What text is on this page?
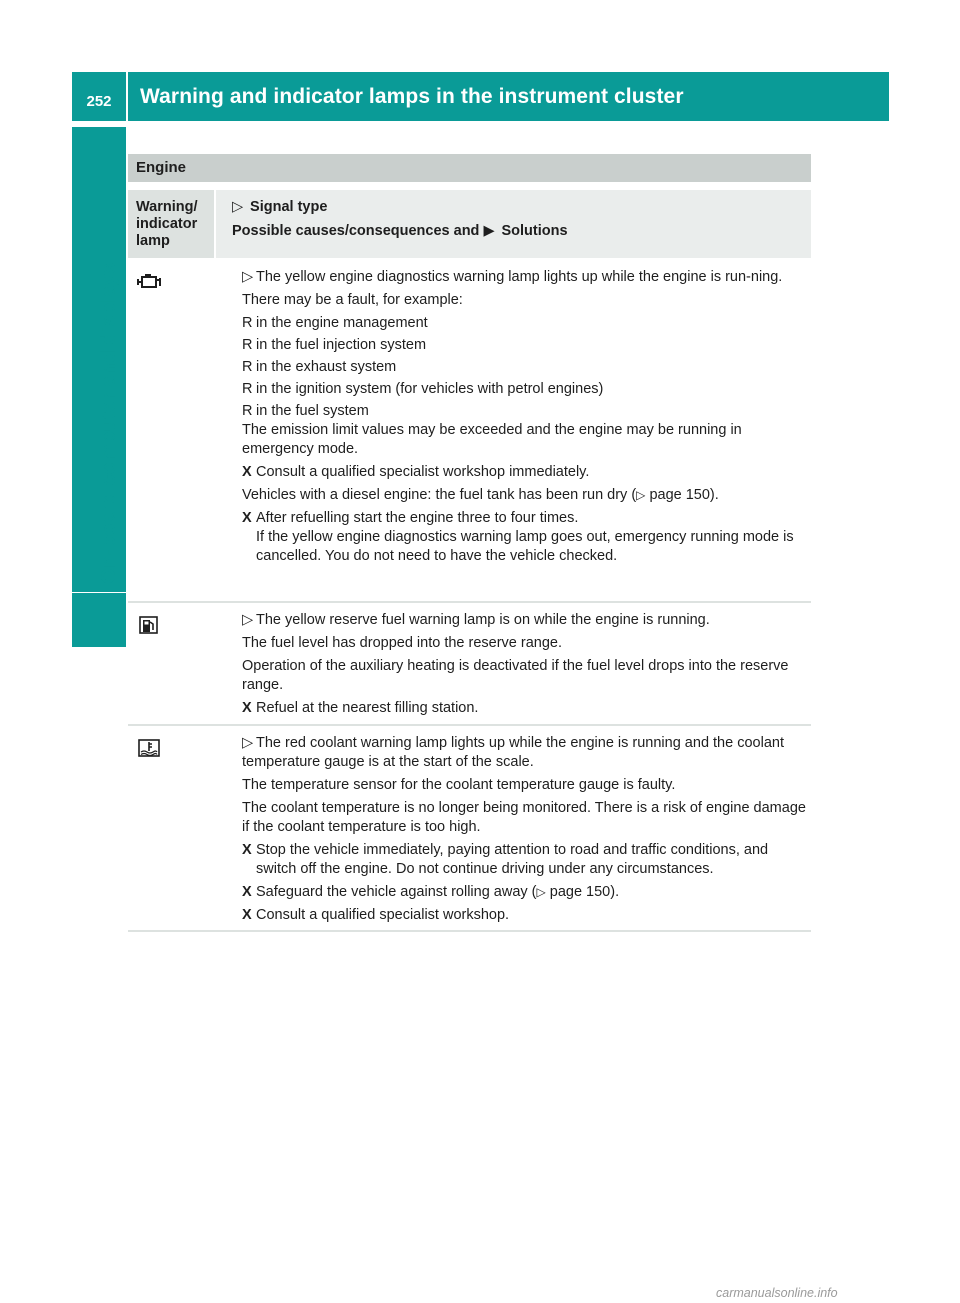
252	Warning and indicator lamps in the instrument cluster
On-board computer and displays
Engine
Warning/ indicator lamp
▷ Signal type
Possible causes/consequences and ▶ Solutions
▷ The yellow engine diagnostics warning lamp lights up while the engine is run-ning.
There may be a fault, for example:
R in the engine management
R in the fuel injection system
R in the exhaust system
R in the ignition system (for vehicles with petrol engines)
R in the fuel system
The emission limit values may be exceeded and the engine may be running in emergency mode.
X Consult a qualified specialist workshop immediately.
Vehicles with a diesel engine: the fuel tank has been run dry (▷ page 150).
X After refuelling start the engine three to four times.
If the yellow engine diagnostics warning lamp goes out, emergency running mode is cancelled. You do not need to have the vehicle checked.
▷ The yellow reserve fuel warning lamp is on while the engine is running.
The fuel level has dropped into the reserve range.
Operation of the auxiliary heating is deactivated if the fuel level drops into the reserve range.
X Refuel at the nearest filling station.
▷ The red coolant warning lamp lights up while the engine is running and the coolant temperature gauge is at the start of the scale.
The temperature sensor for the coolant temperature gauge is faulty.
The coolant temperature is no longer being monitored. There is a risk of engine damage if the coolant temperature is too high.
X Stop the vehicle immediately, paying attention to road and traffic conditions, and switch off the engine. Do not continue driving under any circumstances.
X Safeguard the vehicle against rolling away (▷ page 150).
X Consult a qualified specialist workshop.
carmanualsonline.info
